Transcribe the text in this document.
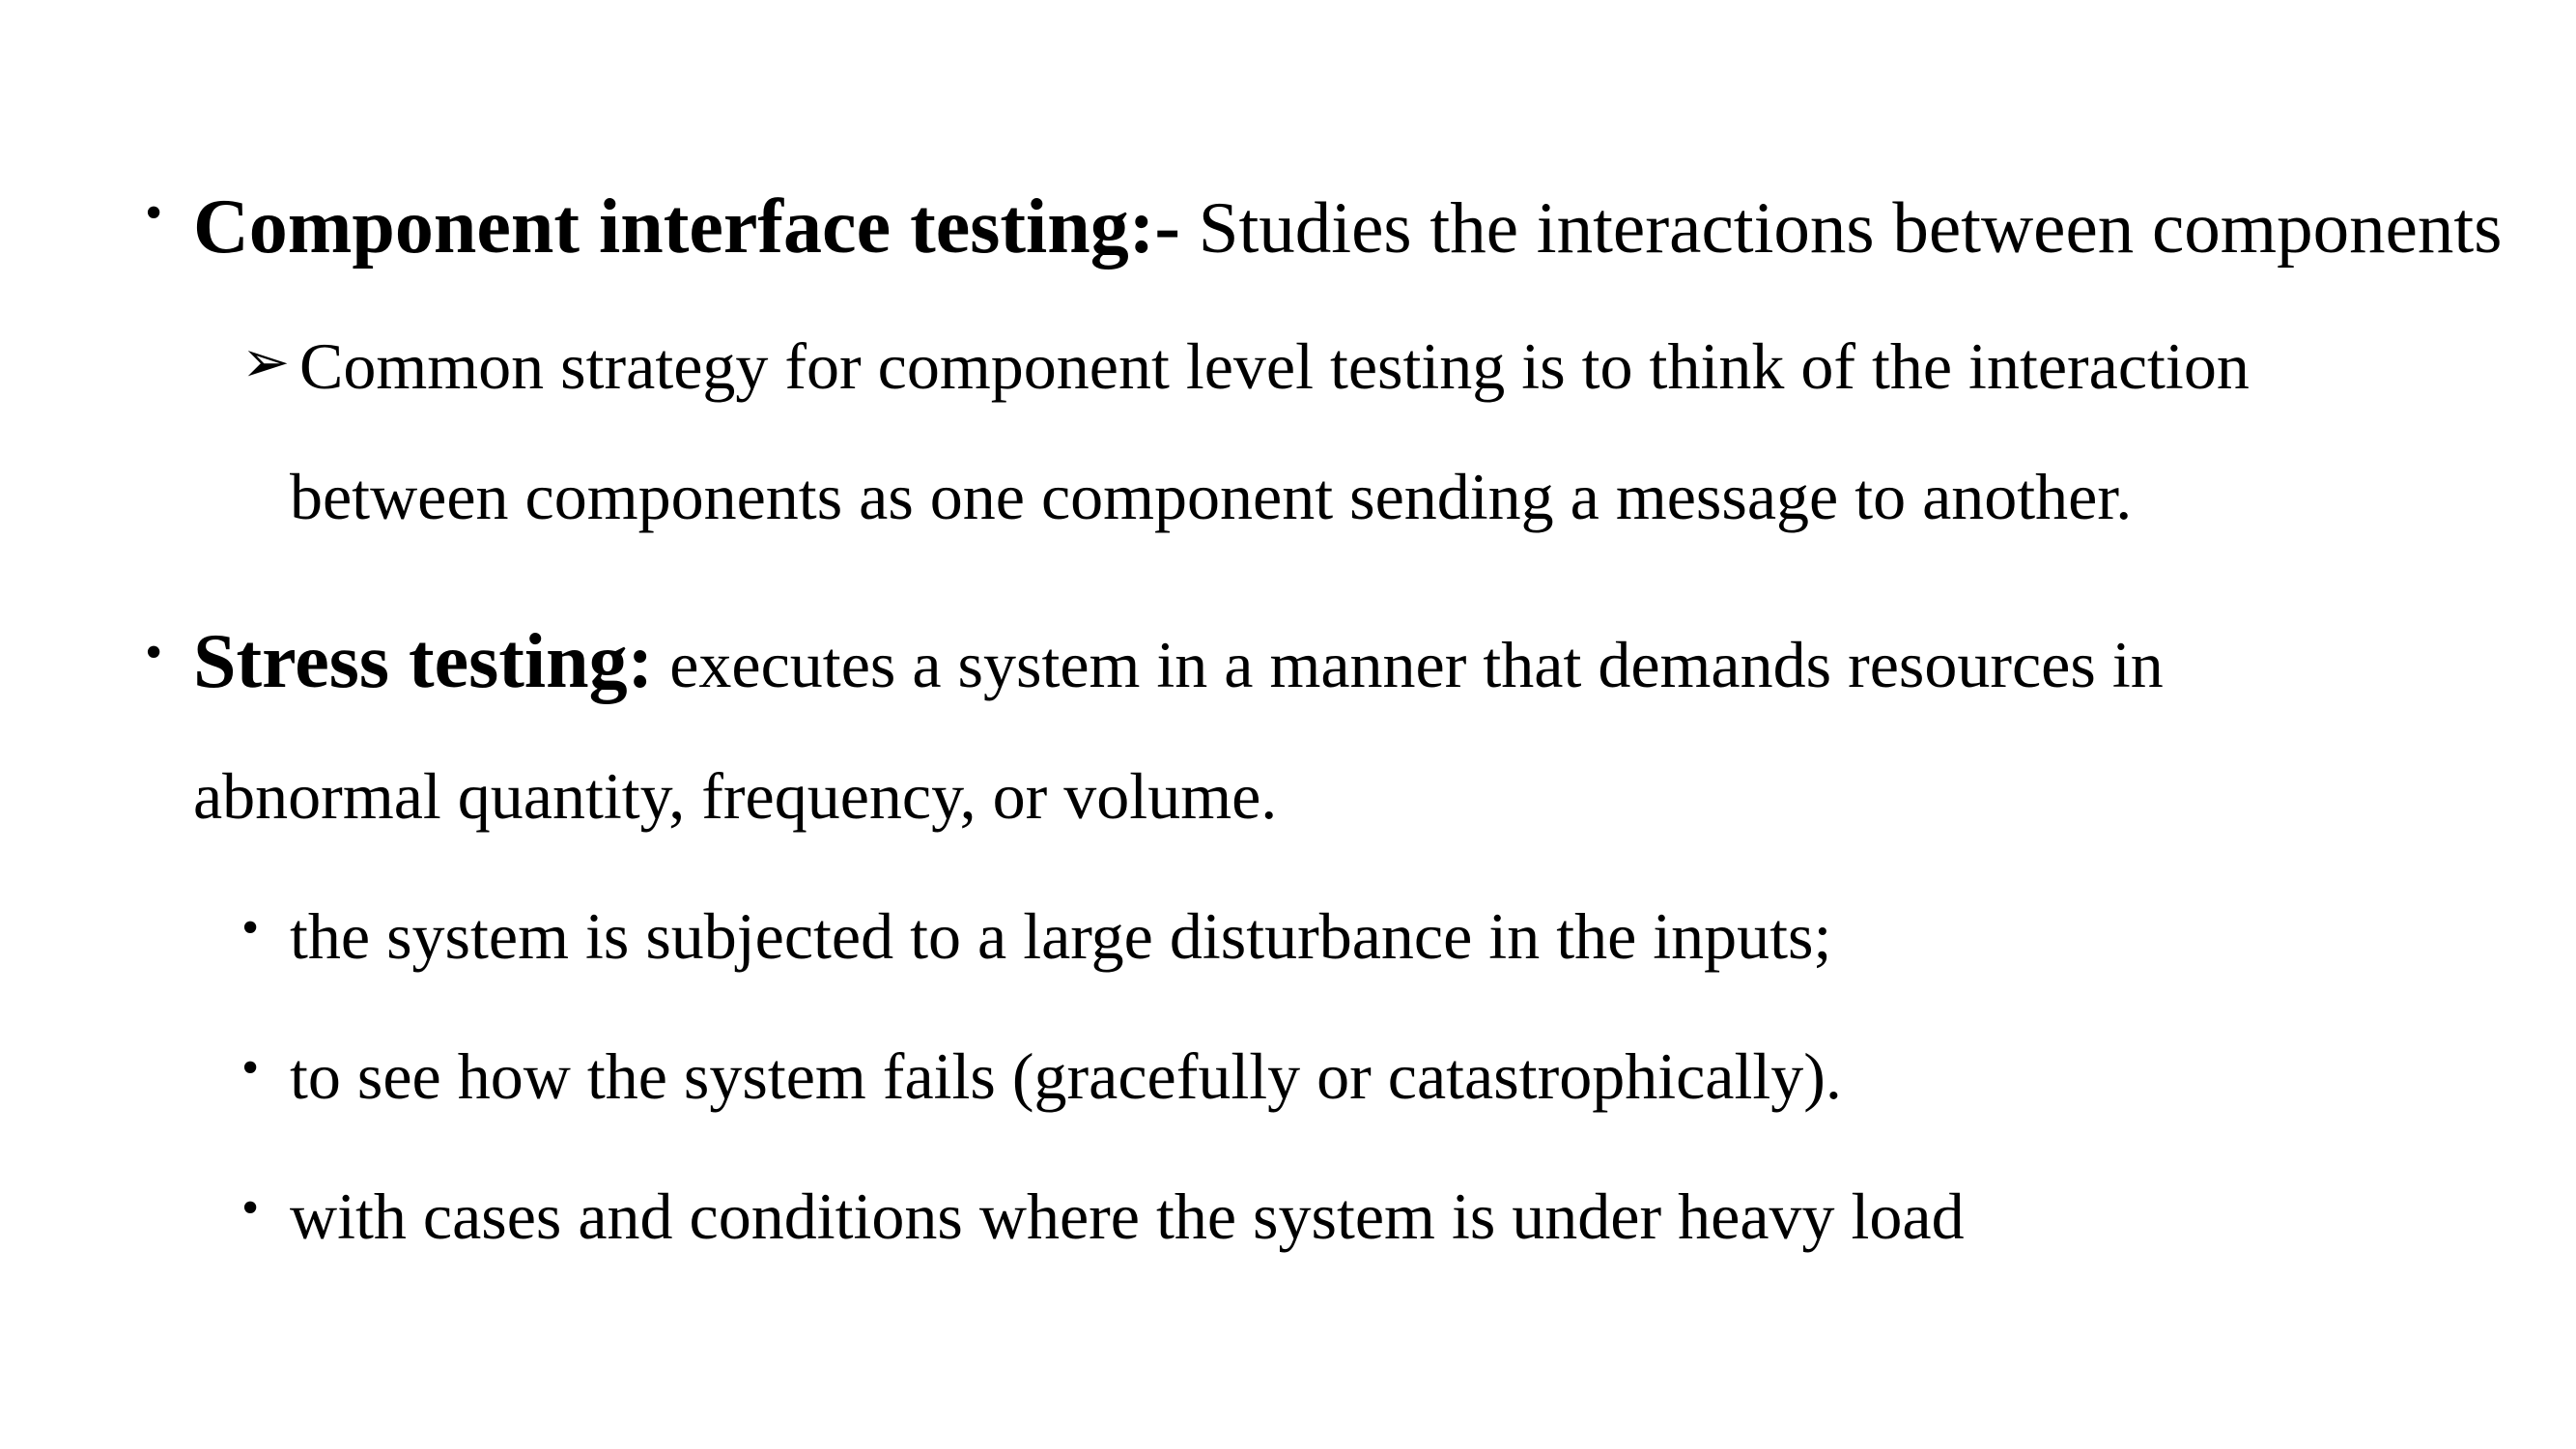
• Component interface testing:- Studies the interactions between components
➢ Common strategy for component level testing is to think of the interaction
between components as one component sending a message to another.
• Stress testing: executes a system in a manner that demands resources in
abnormal quantity, frequency, or volume.
• the system is subjected to a large disturbance in the inputs;
• to see how the system fails (gracefully or catastrophically).
• with cases and conditions where the system is under heavy load
